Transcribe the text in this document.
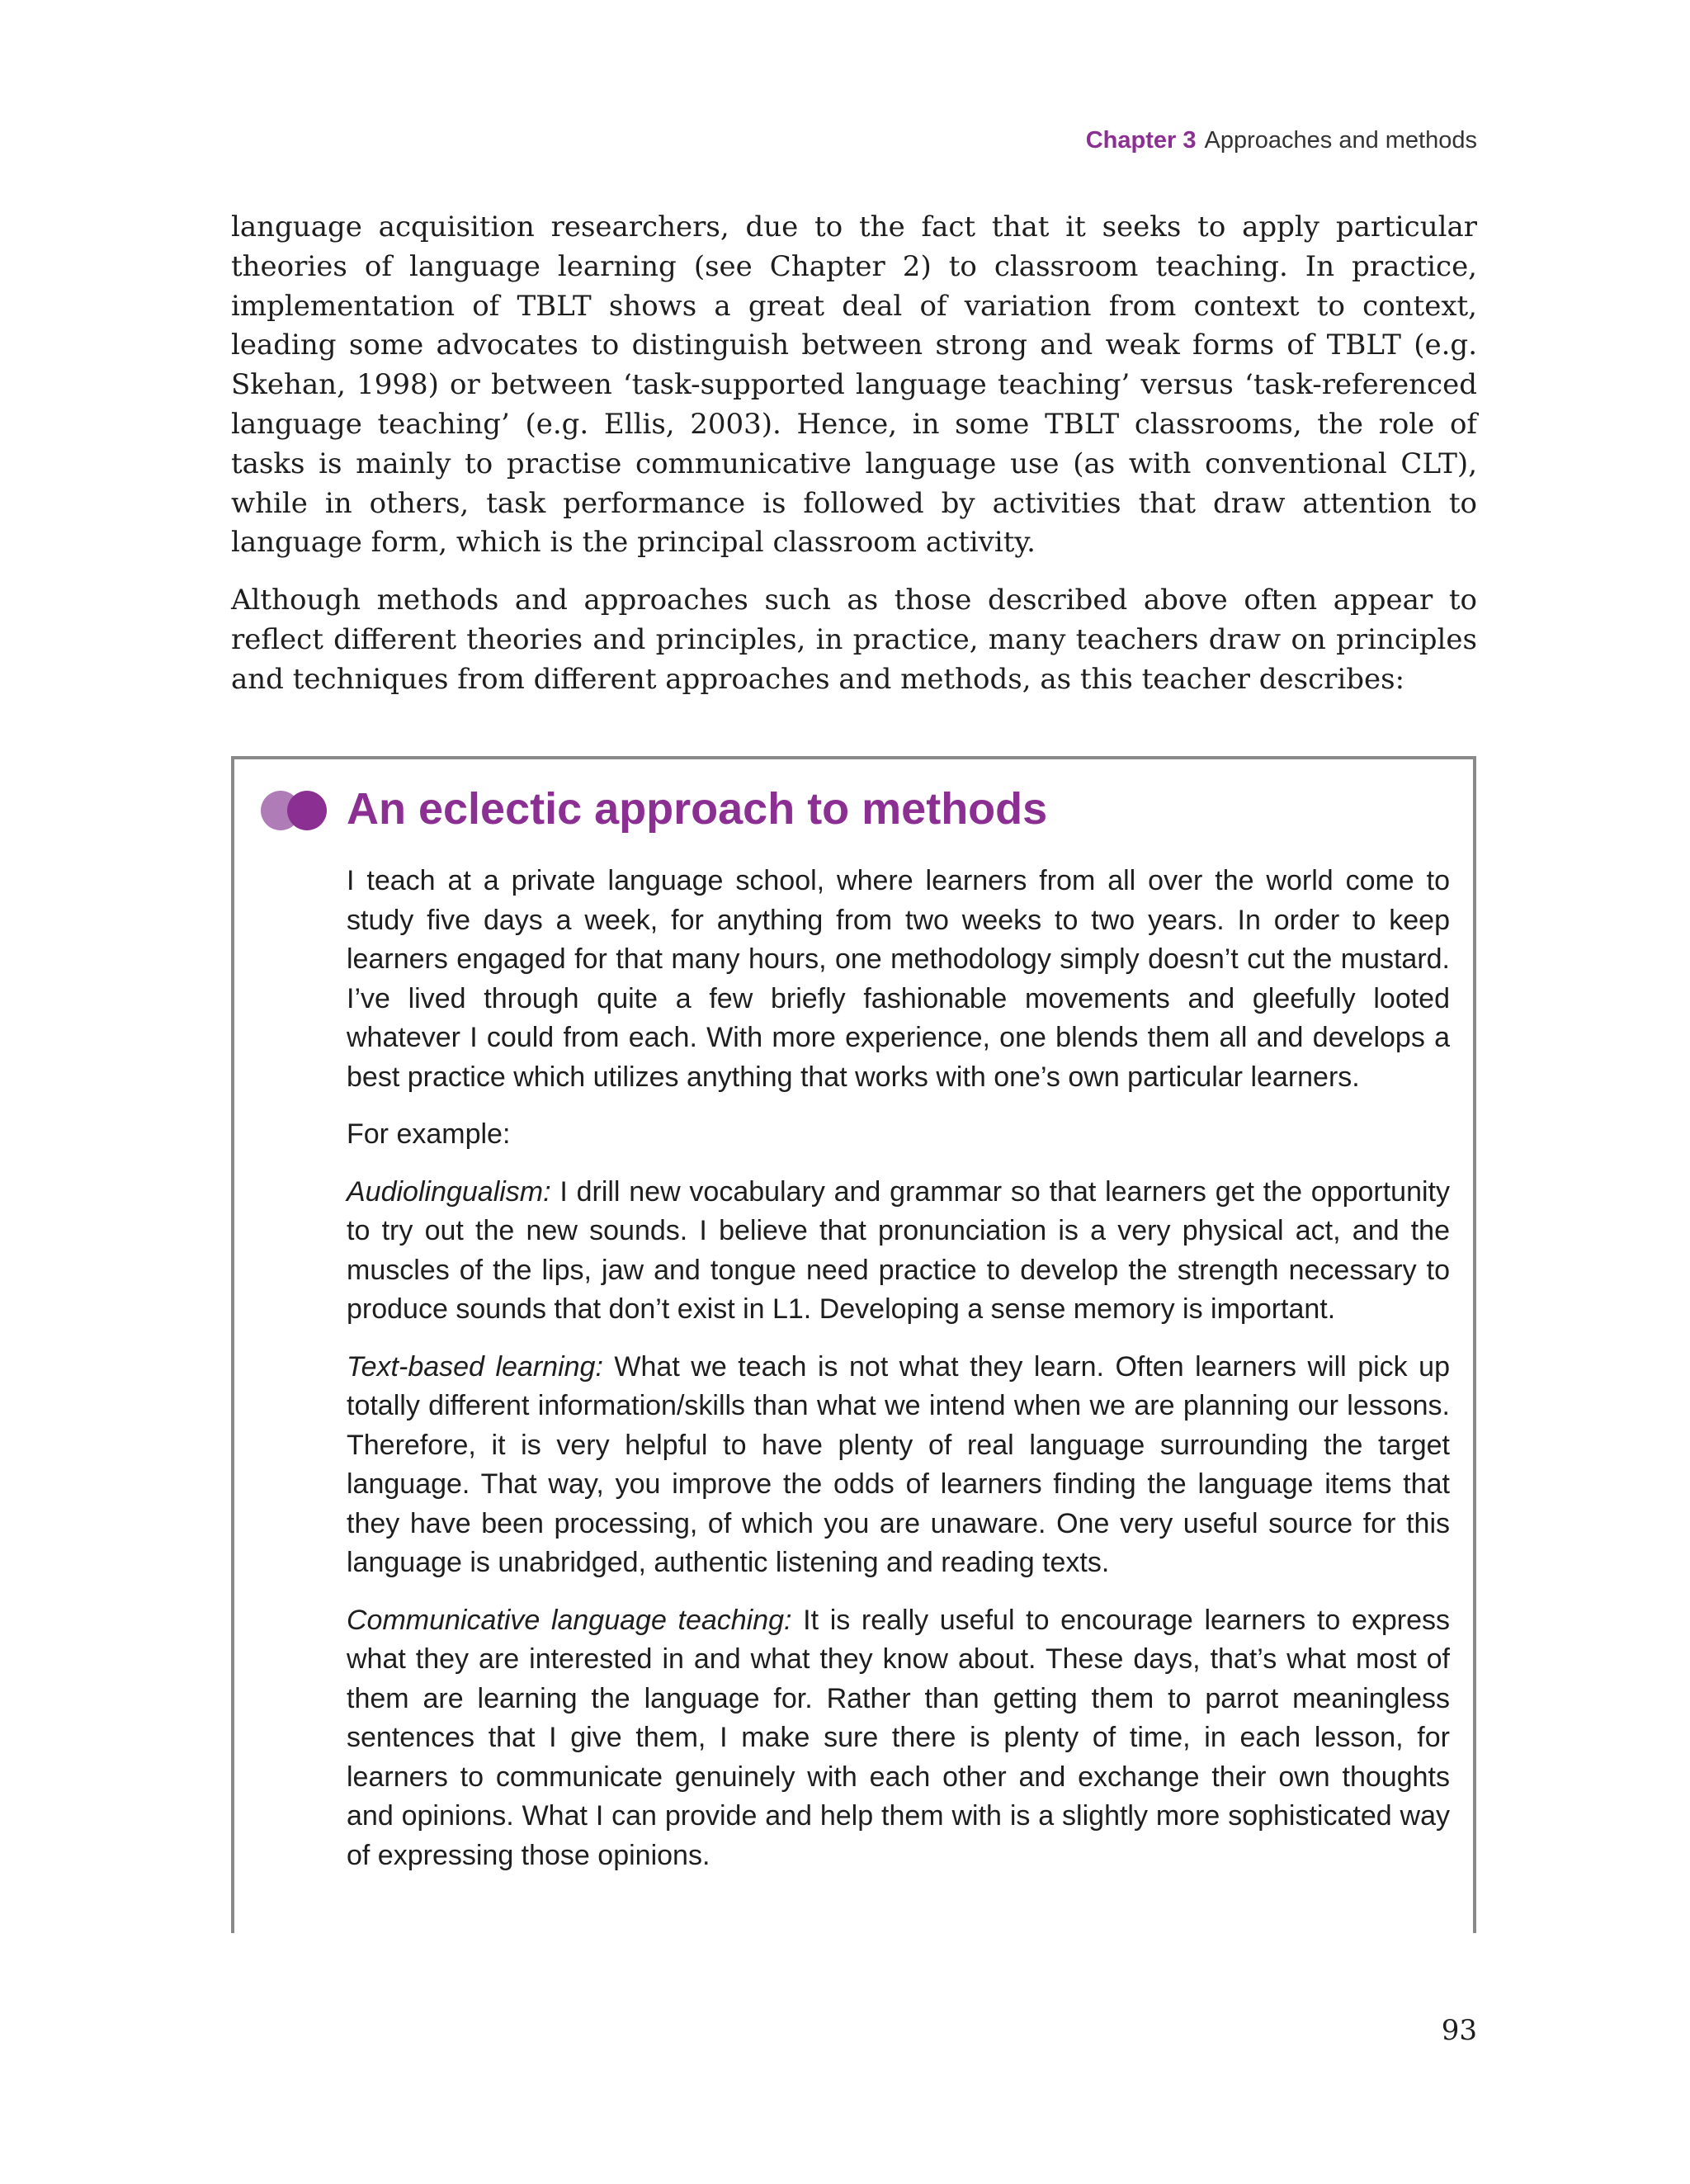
Chapter 3 Approaches and methods

language acquisition researchers, due to the fact that it seeks to apply particular theories of language learning (see Chapter 2) to classroom teaching. In practice, implementation of TBLT shows a great deal of variation from context to context, leading some advocates to distinguish between strong and weak forms of TBLT (e.g. Skehan, 1998) or between ‘task-supported language teaching’ versus ‘task-referenced language teaching’ (e.g. Ellis, 2003). Hence, in some TBLT classrooms, the role of tasks is mainly to practise communicative language use (as with conventional CLT), while in others, task performance is followed by activities that draw attention to language form, which is the principal classroom activity.

Although methods and approaches such as those described above often appear to reflect different theories and principles, in practice, many teachers draw on principles and techniques from different approaches and methods, as this teacher describes:

An eclectic approach to methods

I teach at a private language school, where learners from all over the world come to study five days a week, for anything from two weeks to two years. In order to keep learners engaged for that many hours, one methodology simply doesn’t cut the mustard. I’ve lived through quite a few briefly fashionable movements and gleefully looted whatever I could from each. With more experience, one blends them all and develops a best practice which utilizes anything that works with one’s own particular learners.

For example:

Audiolingualism: I drill new vocabulary and grammar so that learners get the opportunity to try out the new sounds. I believe that pronunciation is a very physical act, and the muscles of the lips, jaw and tongue need practice to develop the strength necessary to produce sounds that don’t exist in L1. Developing a sense memory is important.

Text-based learning: What we teach is not what they learn. Often learners will pick up totally different information/skills than what we intend when we are planning our lessons. Therefore, it is very helpful to have plenty of real language surrounding the target language. That way, you improve the odds of learners finding the language items that they have been processing, of which you are unaware. One very useful source for this language is unabridged, authentic listening and reading texts.

Communicative language teaching: It is really useful to encourage learners to express what they are interested in and what they know about. These days, that’s what most of them are learning the language for. Rather than getting them to parrot meaningless sentences that I give them, I make sure there is plenty of time, in each lesson, for learners to communicate genuinely with each other and exchange their own thoughts and opinions. What I can provide and help them with is a slightly more sophisticated way of expressing those opinions.

93
